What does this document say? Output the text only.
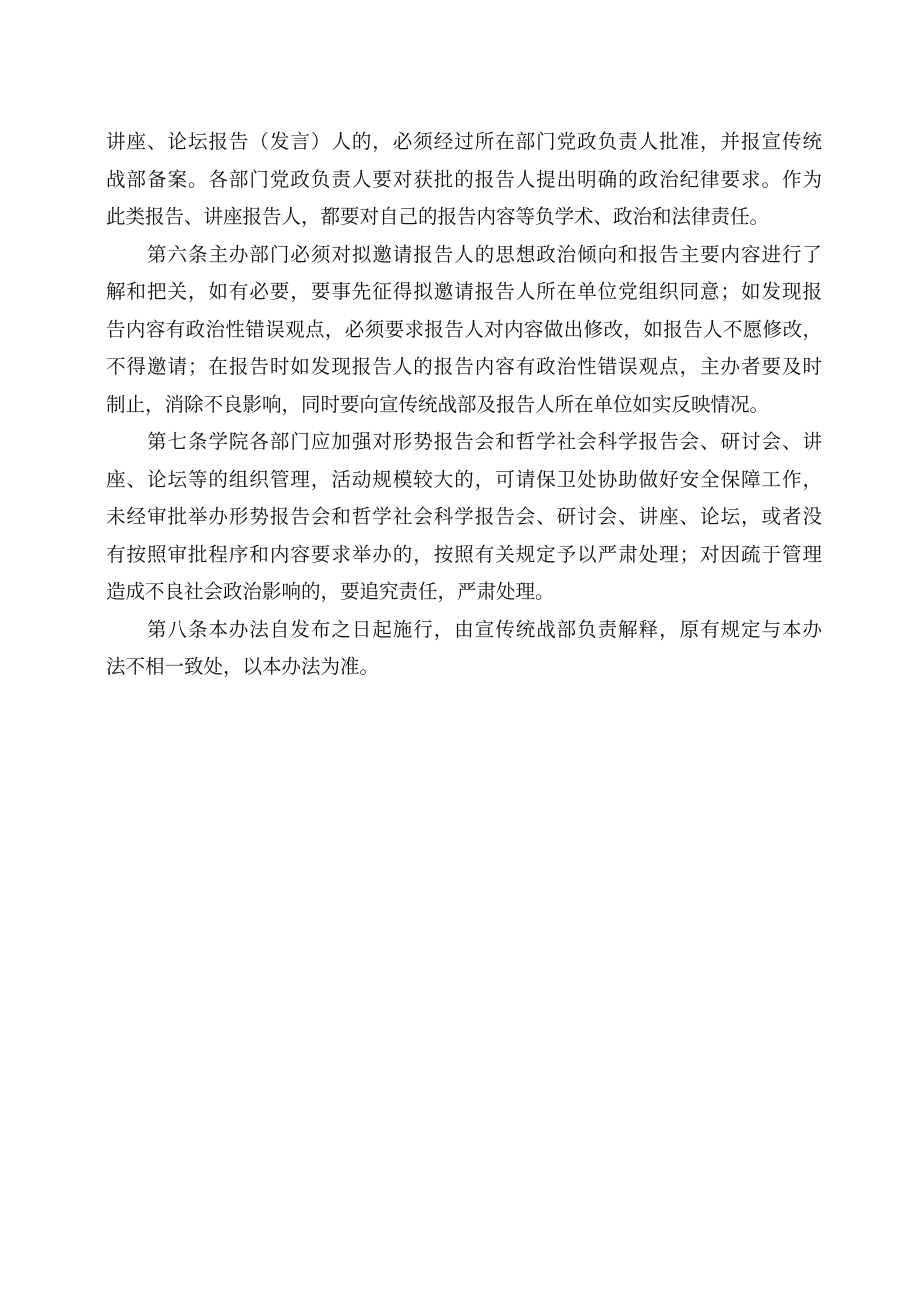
讲座、论坛报告（发言）人的，必须经过所在部门党政负责人批准，并报宣传统
战部备案。各部门党政负责人要对获批的报告人提出明确的政治纪律要求。作为
此类报告、讲座报告人，都要对自己的报告内容等负学术、政治和法律责任。
第六条主办部门必须对拟邀请报告人的思想政治倾向和报告主要内容进行了
解和把关，如有必要，要事先征得拟邀请报告人所在单位党组织同意；如发现报
告内容有政治性错误观点，必须要求报告人对内容做出修改，如报告人不愿修改，
不得邀请；在报告时如发现报告人的报告内容有政治性错误观点，主办者要及时
制止，消除不良影响，同时要向宣传统战部及报告人所在单位如实反映情况。
第七条学院各部门应加强对形势报告会和哲学社会科学报告会、研讨会、讲
座、论坛等的组织管理，活动规模较大的，可请保卫处协助做好安全保障工作，
未经审批举办形势报告会和哲学社会科学报告会、研讨会、讲座、论坛，或者没
有按照审批程序和内容要求举办的，按照有关规定予以严肃处理；对因疏于管理
造成不良社会政治影响的，要追究责任，严肃处理。
第八条本办法自发布之日起施行，由宣传统战部负责解释，原有规定与本办
法不相一致处，以本办法为准。
